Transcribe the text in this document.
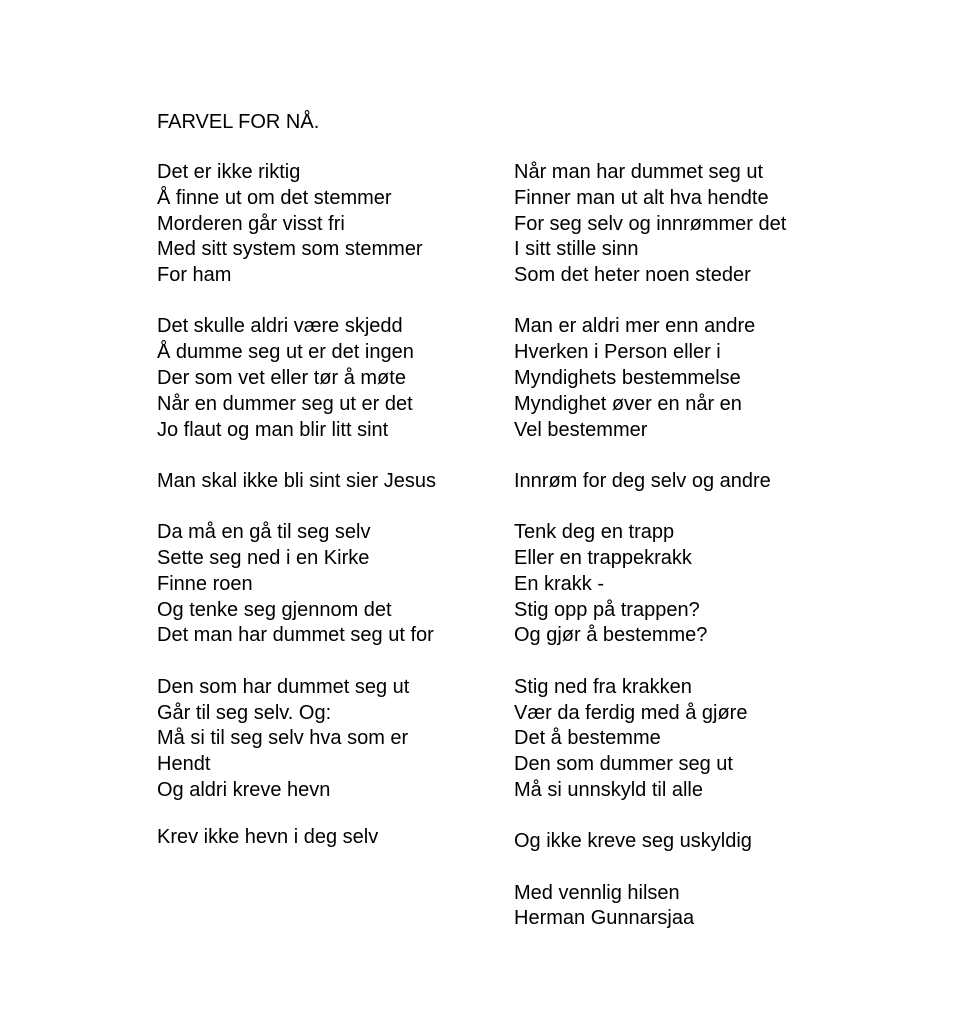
FARVEL FOR NÅ.
Det er ikke riktig
Å finne ut om det stemmer
Morderen går visst fri
Med sitt system som stemmer
For ham
Det skulle aldri være skjedd
Å dumme seg ut er det ingen
Der som vet eller tør å møte
Når en dummer seg ut er det
Jo flaut og man blir litt sint
Man skal ikke bli sint sier Jesus
Da må en gå til seg selv
Sette seg ned i en Kirke
Finne roen
Og tenke seg gjennom det
Det man har dummet seg ut for
Den som har dummet seg ut
Går til seg selv. Og:
Må si til seg selv hva som er
Hendt
Og aldri kreve hevn
Krev ikke hevn i deg selv
Når man har dummet seg ut
Finner man ut alt hva hendte
For seg selv og innrømmer det
I sitt stille sinn
Som det heter noen steder
Man er aldri mer enn andre
Hverken i Person eller i
Myndighets bestemmelse
Myndighet øver en når en
Vel bestemmer
Innrøm for deg selv og andre
Tenk deg en trapp
Eller en trappekrakk
En krakk -
Stig opp på trappen?
Og gjør å bestemme?
Stig ned fra krakken
Vær da ferdig med å gjøre
Det å bestemme
Den som dummer seg ut
Må si unnskyld til alle
Og ikke kreve seg uskyldig
Med vennlig hilsen
Herman Gunnarsjaa
